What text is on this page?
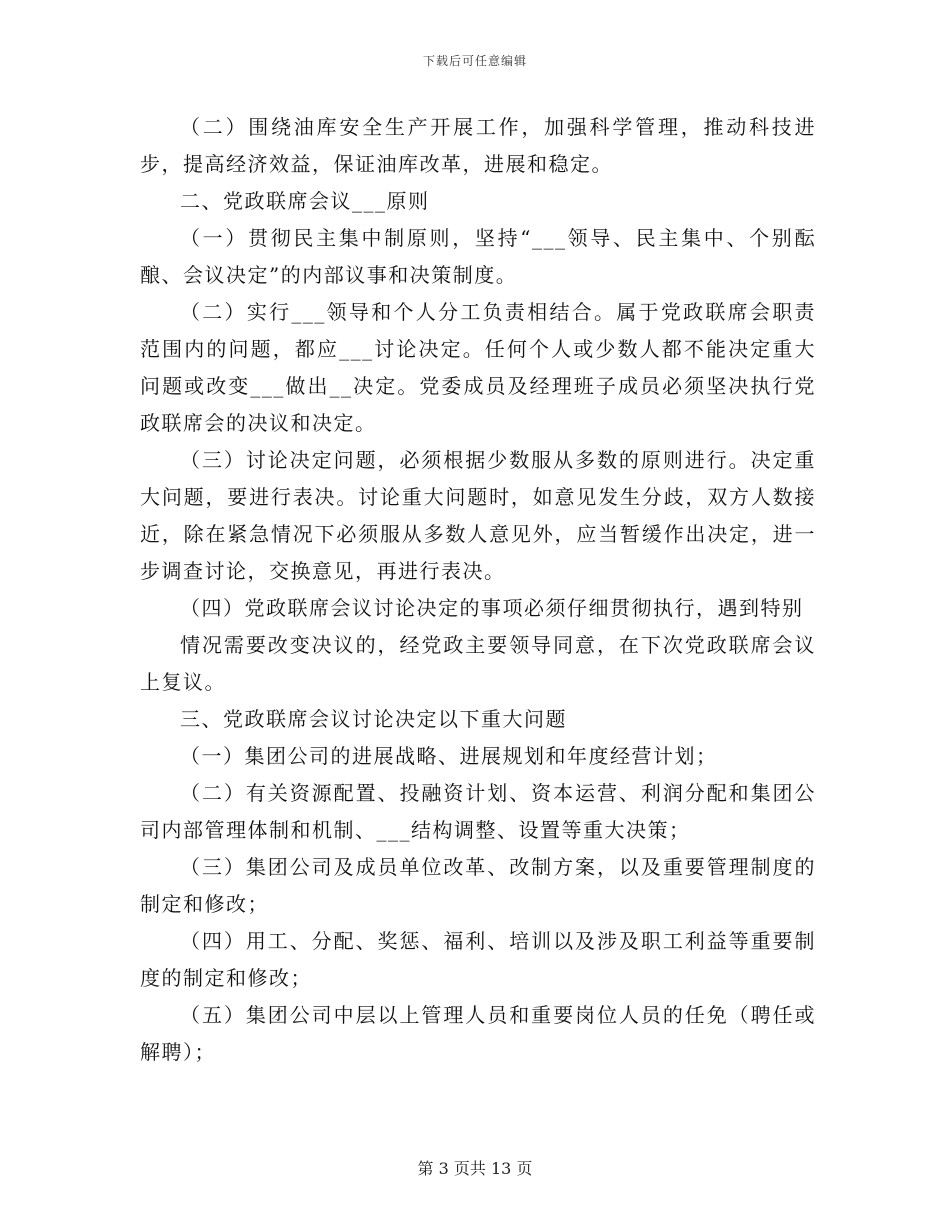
下载后可任意编辑

（二）围绕油库安全生产开展工作，加强科学管理，推动科技进步，提高经济效益，保证油库改革，进展和稳定。

二、党政联席会议___原则

（一）贯彻民主集中制原则，坚持“___领导、民主集中、个别酝酿、会议决定”的内部议事和决策制度。

（二）实行___领导和个人分工负责相结合。属于党政联席会职责范围内的问题，都应___讨论决定。任何个人或少数人都不能决定重大问题或改变___做出__决定。党委成员及经理班子成员必须坚决执行党政联席会的决议和决定。

（三）讨论决定问题，必须根据少数服从多数的原则进行。决定重大问题，要进行表决。讨论重大问题时，如意见发生分歧，双方人数接近，除在紧急情况下必须服从多数人意见外，应当暂缓作出决定，进一步调查讨论，交换意见，再进行表决。

（四）党政联席会议讨论决定的事项必须仔细贯彻执行，遇到特别

情况需要改变决议的，经党政主要领导同意，在下次党政联席会议上复议。

三、党政联席会议讨论决定以下重大问题

（一）集团公司的进展战略、进展规划和年度经营计划；

（二）有关资源配置、投融资计划、资本运营、利润分配和集团公司内部管理体制和机制、___结构调整、设置等重大决策；

（三）集团公司及成员单位改革、改制方案，以及重要管理制度的制定和修改；

（四）用工、分配、奖惩、福利、培训以及涉及职工利益等重要制度的制定和修改；

（五）集团公司中层以上管理人员和重要岗位人员的任免（聘任或解聘）；

第 3 页共 13 页
